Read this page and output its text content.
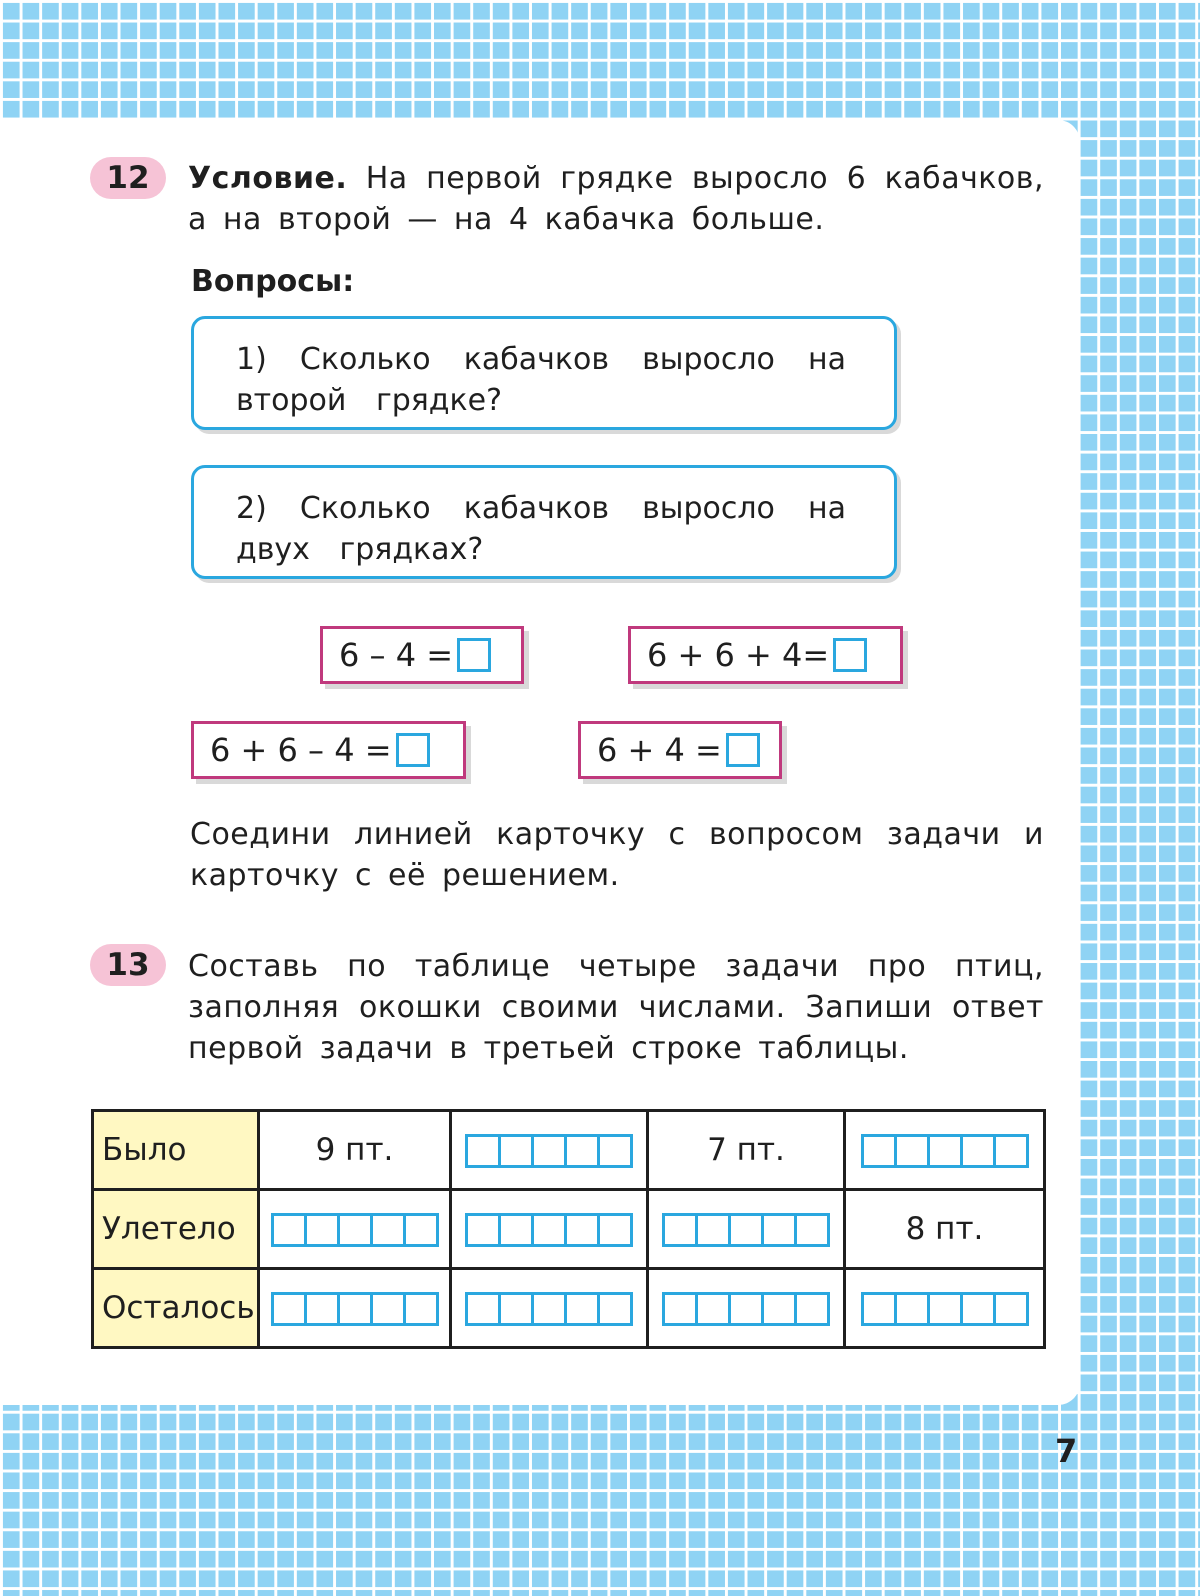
12	Условие. На первой грядке выросло 6 кабачков, а на второй — на 4 кабачка больше.
Вопросы:
1) Сколько кабачков выросло на второй грядке?
2) Сколько кабачков выросло на двух грядках?
6 – 4 =	6 + 6 + 4=
6 + 6 – 4 =	6 + 4 =
Соедини линией карточку с вопросом задачи и карточку с её решением.
13	Составь по таблице четыре задачи про птиц, заполняя окошки своими числами. Запиши ответ первой задачи в третьей строке таблицы.
Было	9 пт.		7 пт.	

Улетело				8 пт.
Осталось	

7
